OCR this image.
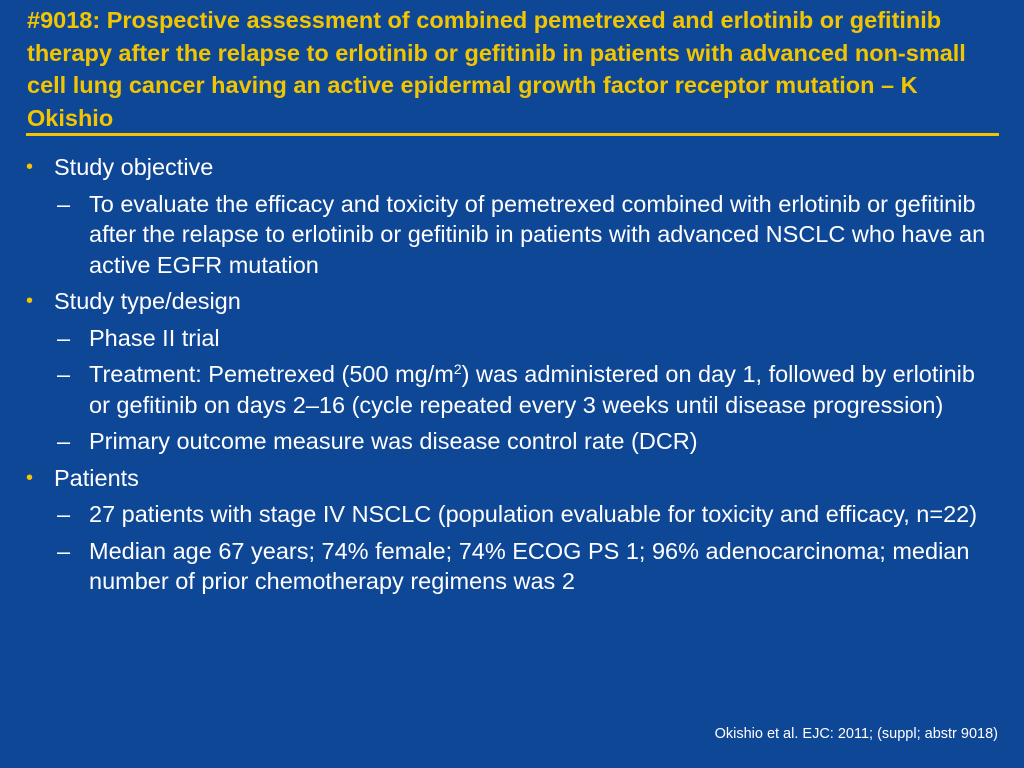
#9018: Prospective assessment of combined pemetrexed and erlotinib or gefitinib therapy after the relapse to erlotinib or gefitinib in patients with advanced non-small cell lung cancer having an active epidermal growth factor receptor mutation – K Okishio
• Study objective
– To evaluate the efficacy and toxicity of pemetrexed combined with erlotinib or gefitinib after the relapse to erlotinib or gefitinib in patients with advanced NSCLC who have an active EGFR mutation
• Study type/design
– Phase II trial
– Treatment: Pemetrexed (500 $mg/m^2$) was administered on day 1, followed by erlotinib or gefitinib on days 2–16 (cycle repeated every 3 weeks until disease progression)
– Primary outcome measure was disease control rate (DCR)
• Patients
– 27 patients with stage IV NSCLC (population evaluable for toxicity and efficacy, n=22)
– Median age 67 years; 74% female; 74% ECOG PS 1; 96% adenocarcinoma; median number of prior chemotherapy regimens was 2
Okishio et al. EJC: 2011; (suppl; abstr 9018)
